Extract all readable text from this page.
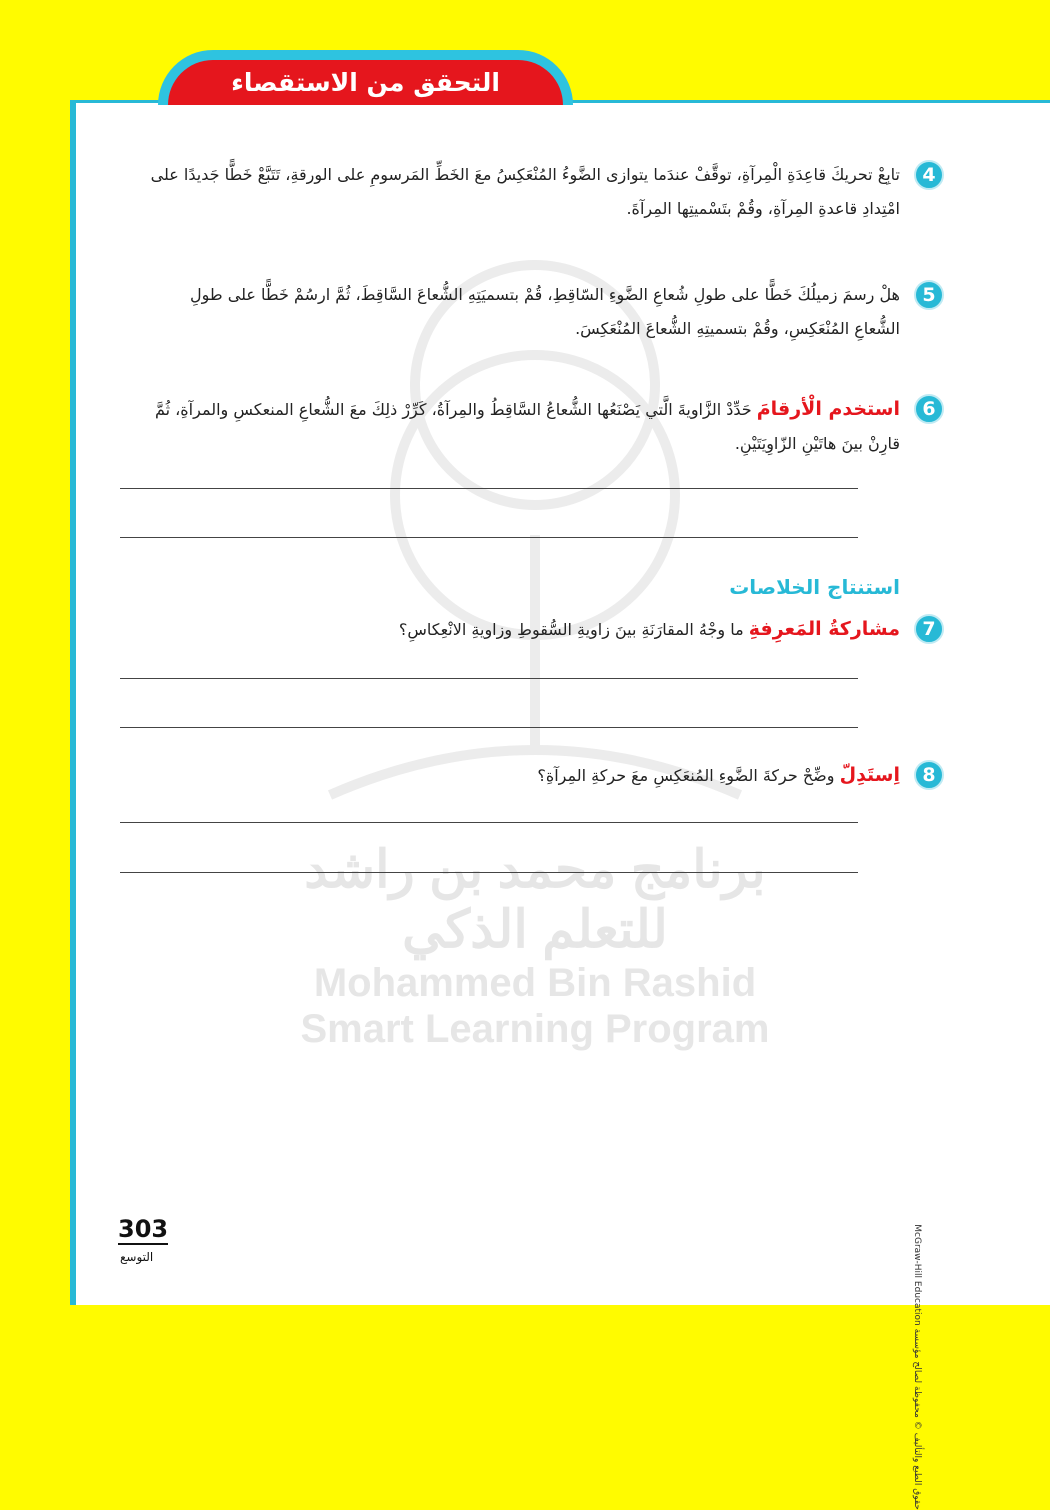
التحقق من الاستقصاء
برنامج محمد بن راشد
للتعلم الذكي
Mohammed Bin Rashid
Smart Learning Program
4
تابِعْ تحريكَ قاعِدَةِ الْمِرآةِ، توقَّفْ عندَما يتوازى الضَّوءُ المُنْعَكِسُ معَ الخَطِّ المَرسومِ على الورقةِ، تَتَبَّعْ خَطًّا جَديدًا على امْتِدادِ قاعدةِ المِرآةِ، وقُمْ بتَسْميتِها المِرآةَ.
5
هلْ رسمَ زميلُكَ خَطًّا على طولِ شُعاعِ الضَّوءِ السّاقِطِ، قُمْ بتسميَتِهِ الشُّعاعَ السَّاقِطَ، ثُمَّ ارسُمْ خَطًّا على طولِ الشُّعاعِ المُنْعَكِسِ، وقُمْ بتسميتِهِ الشُّعاعَ المُنْعَكِسَ.
6
استخدم الْأرقامَ حَدِّدْ الزَّاويةَ الَّتي يَصْنَعُها الشُّعاعُ السَّاقِطُ والمِرآةُ، كَرِّرْ ذلِكَ معَ الشُّعاعِ المنعكسِ والمرآةِ، ثُمَّ قارِنْ بينَ هاتَيْنِ الزّاوِيَتَيْنِ.
استنتاج الخلاصات
7
مشاركةُ المَعرِفةِ ما وجْهُ المقارَنَةِ بينَ زاويةِ السُّقوطِ وزاويةِ الانْعِكاسِ؟
8
اِستَدِلّ وضِّحْ حركةَ الضَّوءِ المُنعَكِسِ معَ حركةِ المِرآةِ؟
حقوق الطبع والتأليف © محفوظة لصالح مؤسسة McGraw-Hill Education
303
التوسع
